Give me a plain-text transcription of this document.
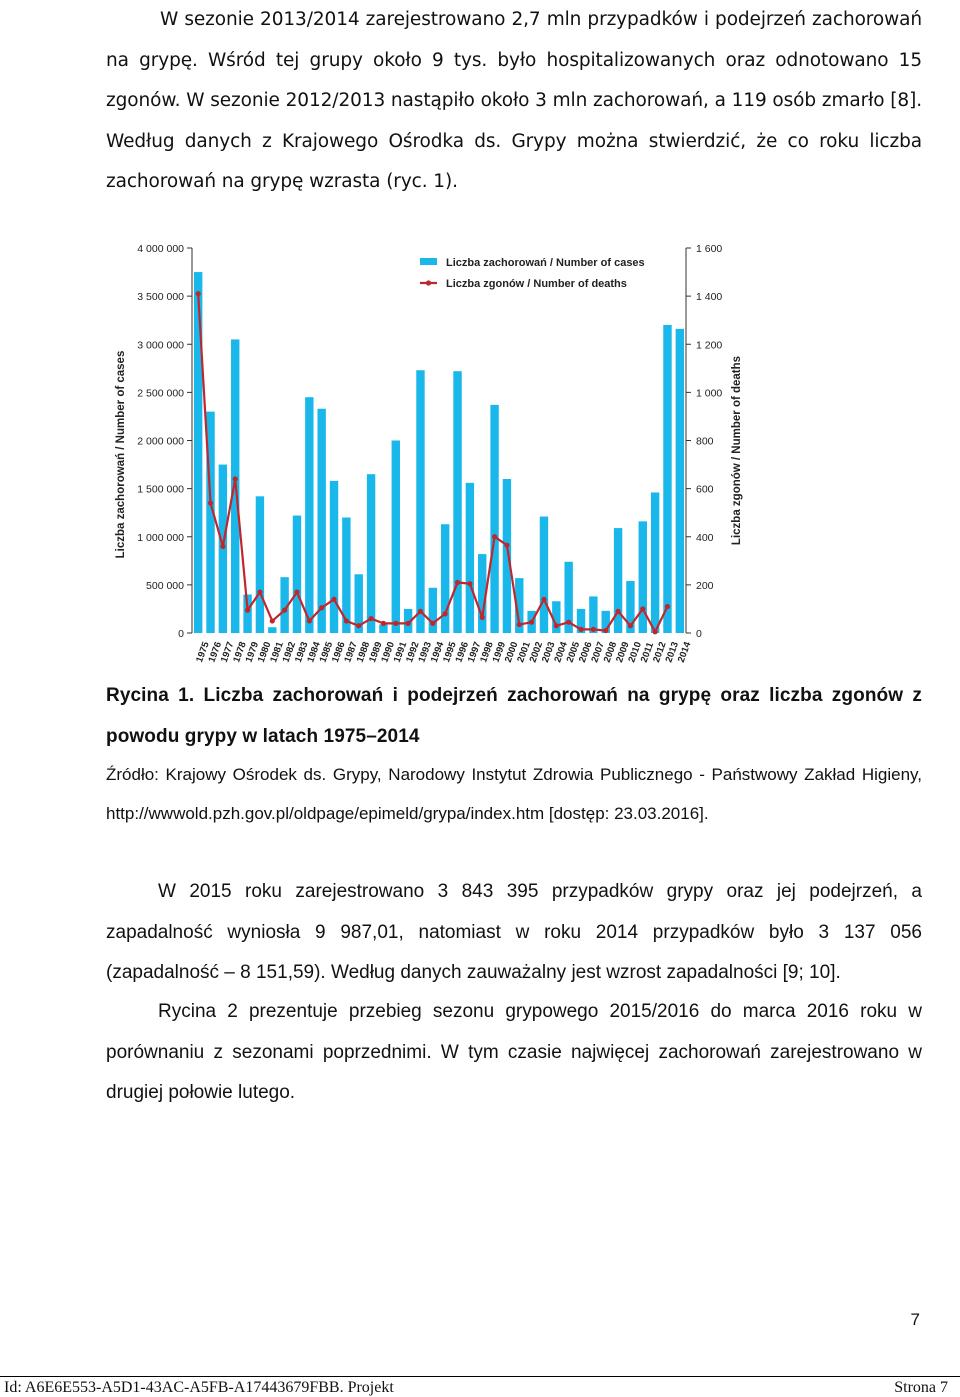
W sezonie 2013/2014 zarejestrowano 2,7 mln przypadków i podejrzeń zachorowań na grypę. Wśród tej grupy około 9 tys. było hospitalizowanych oraz odnotowano 15 zgonów. W sezonie 2012/2013 nastąpiło około 3 mln zachorowań, a 119 osób zmarło [8]. Według danych z Krajowego Ośrodka ds. Grypy można stwierdzić, że co roku liczba zachorowań na grypę wzrasta (ryc. 1).

0
500 000
1 000 000
1 500 000
2 000 000
2 500 000
3 000 000
3 500 000
4 000 000
0
200
400
600
800
1 000
1 200
1 400
1 600
1975
1976
1977
1978
1979
1980
1981
1982
1983
1984
1985
1986
1987
1988
1989
1990
1991
1992
1993
1994
1995
1996
1997
1998
1999
2000
2001
2002
2003
2004
2005
2006
2007
2008
2009
2010
2011
2012
2013
2014
Liczba zachorowań / Number of cases	Liczba zgonów / Number of deaths
Liczba zachorowań / Number of cases
Liczba zgonów / Number of deaths

Rycina 1. Liczba zachorowań i podejrzeń zachorowań na grypę oraz liczba zgonów z powodu grypy w latach 1975–2014

Źródło: Krajowy Ośrodek ds. Grypy, Narodowy Instytut Zdrowia Publicznego - Państwowy Zakład Higieny, http://wwwold.pzh.gov.pl/oldpage/epimeld/grypa/index.htm [dostęp: 23.03.2016].

W 2015 roku zarejestrowano 3 843 395 przypadków grypy oraz jej podejrzeń, a zapadalność wyniosła 9 987,01, natomiast w roku 2014 przypadków było 3 137 056 (zapadalność – 8 151,59). Według danych zauważalny jest wzrost zapadalności [9; 10].

Rycina 2 prezentuje przebieg sezonu grypowego 2015/2016 do marca 2016 roku w porównaniu z sezonami poprzednimi. W tym czasie najwięcej zachorowań zarejestrowano w drugiej połowie lutego.

7
Id: A6E6E553-A5D1-43AC-A5FB-A17443679FBB. Projekt	Strona 7
